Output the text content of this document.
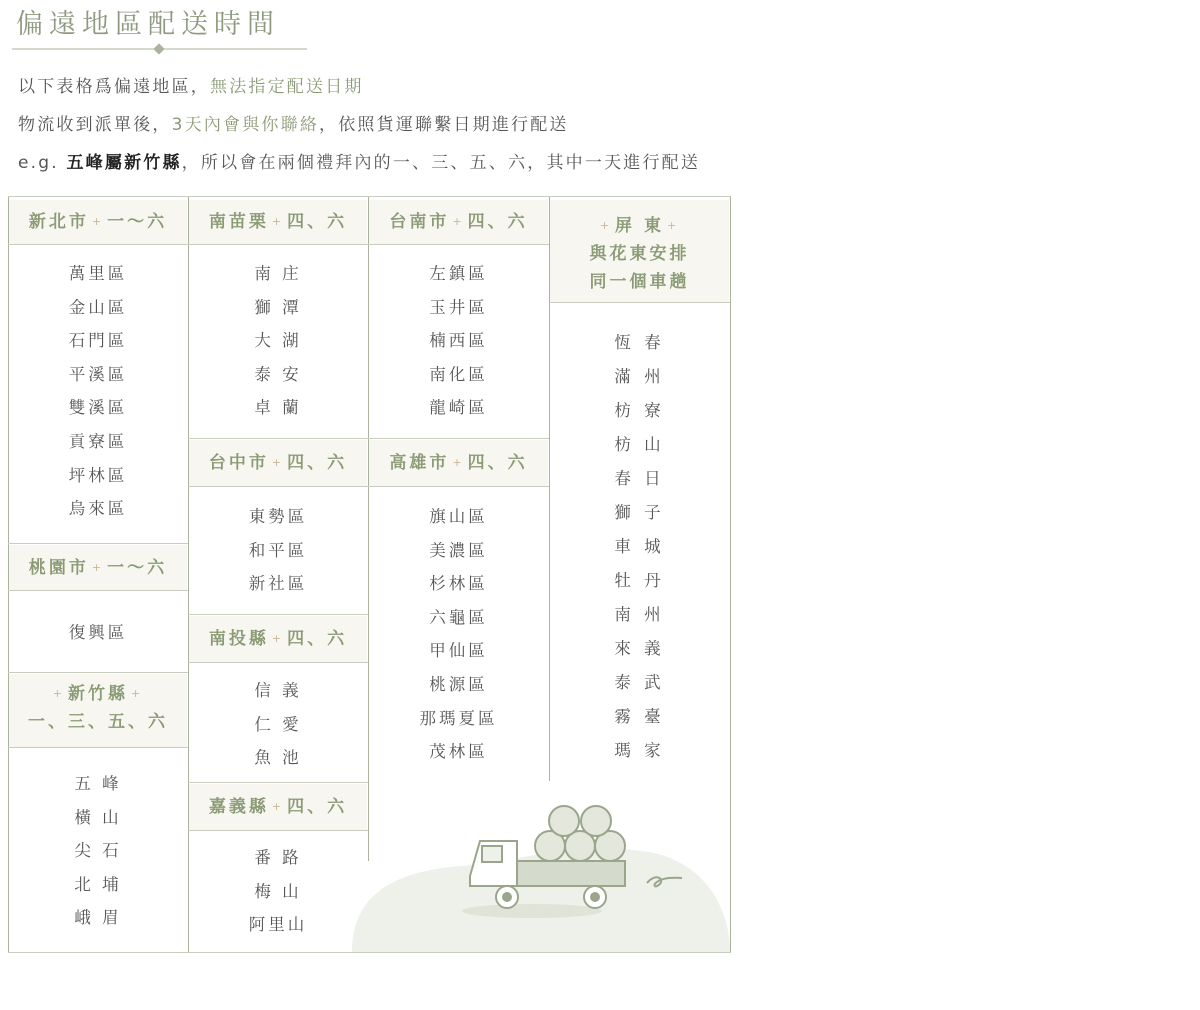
偏遠地區配送時間
以下表格爲偏遠地區，無法指定配送日期
物流收到派單後，3天內會與你聯絡，依照貨運聯繫日期進行配送
e.g. 五峰屬新竹縣，所以會在兩個禮拜內的一、三、五、六，其中一天進行配送
新北市 + 一～六
萬里區
金山區
石門區
平溪區
雙溪區
貢寮區
坪林區
烏來區
桃園市 + 一～六
復興區
+ 新竹縣 +
一、三、五、六
五 峰
橫 山
尖 石
北 埔
峨 眉
南苗栗 + 四、六
南 庄
獅 潭
大 湖
泰 安
卓 蘭
台中市 + 四、六
東勢區
和平區
新社區
南投縣 + 四、六
信 義
仁 愛
魚 池
嘉義縣 + 四、六
番 路
梅 山
阿里山
台南市 + 四、六
左鎮區
玉井區
楠西區
南化區
龍崎區
高雄市 + 四、六
旗山區
美濃區
杉林區
六龜區
甲仙區
桃源區
那瑪夏區
茂林區
+ 屏 東 +
與花東安排
同一個車趟
恆 春
滿 州
枋 寮
枋 山
春 日
獅 子
車 城
牡 丹
南 州
來 義
泰 武
霧 臺
瑪 家
